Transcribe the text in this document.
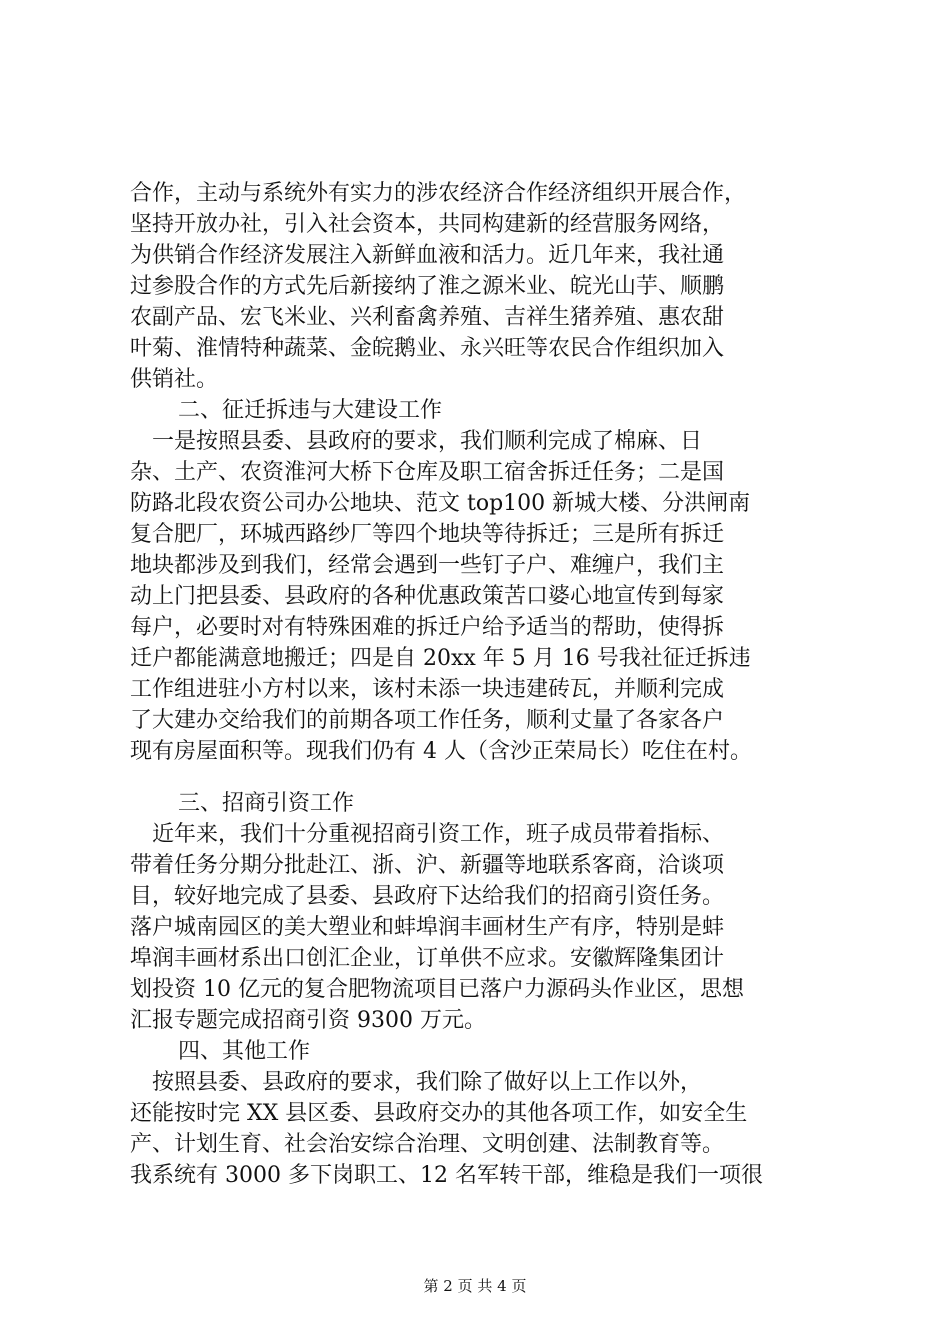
合作，主动与系统外有实力的涉农经济合作经济组织开展合作，
坚持开放办社，引入社会资本，共同构建新的经营服务网络，
为供销合作经济发展注入新鲜血液和活力。近几年来，我社通
过参股合作的方式先后新接纳了淮之源米业、皖光山芋、顺鹏
农副产品、宏飞米业、兴利畜禽养殖、吉祥生猪养殖、惠农甜
叶菊、淮情特种蔬菜、金皖鹅业、永兴旺等农民合作组织加入
供销社。
二、征迁拆违与大建设工作
　一是按照县委、县政府的要求，我们顺利完成了棉麻、日
杂、土产、农资淮河大桥下仓库及职工宿舍拆迁任务；二是国
防路北段农资公司办公地块、范文 top100 新城大楼、分洪闸南
复合肥厂，环城西路纱厂等四个地块等待拆迁；三是所有拆迁
地块都涉及到我们，经常会遇到一些钉子户、难缠户，我们主
动上门把县委、县政府的各种优惠政策苦口婆心地宣传到每家
每户，必要时对有特殊困难的拆迁户给予适当的帮助，使得拆
迁户都能满意地搬迁；四是自 20xx 年 5 月 16 号我社征迁拆违
工作组进驻小方村以来，该村未添一块违建砖瓦，并顺利完成
了大建办交给我们的前期各项工作任务，顺利丈量了各家各户
现有房屋面积等。现我们仍有 4 人（含沙正荣局长）吃住在村。
三、招商引资工作
　近年来，我们十分重视招商引资工作，班子成员带着指标、
带着任务分期分批赴江、浙、沪、新疆等地联系客商，洽谈项
目，较好地完成了县委、县政府下达给我们的招商引资任务。
落户城南园区的美大塑业和蚌埠润丰画材生产有序，特别是蚌
埠润丰画材系出口创汇企业，订单供不应求。安徽辉隆集团计
划投资 10 亿元的复合肥物流项目已落户力源码头作业区，思想
汇报专题完成招商引资 9300 万元。
四、其他工作
　按照县委、县政府的要求，我们除了做好以上工作以外，
还能按时完 XX 县区委、县政府交办的其他各项工作，如安全生
产、计划生育、社会治安综合治理、文明创建、法制教育等。
我系统有 3000 多下岗职工、12 名军转干部，维稳是我们一项很
第 2 页 共 4 页
